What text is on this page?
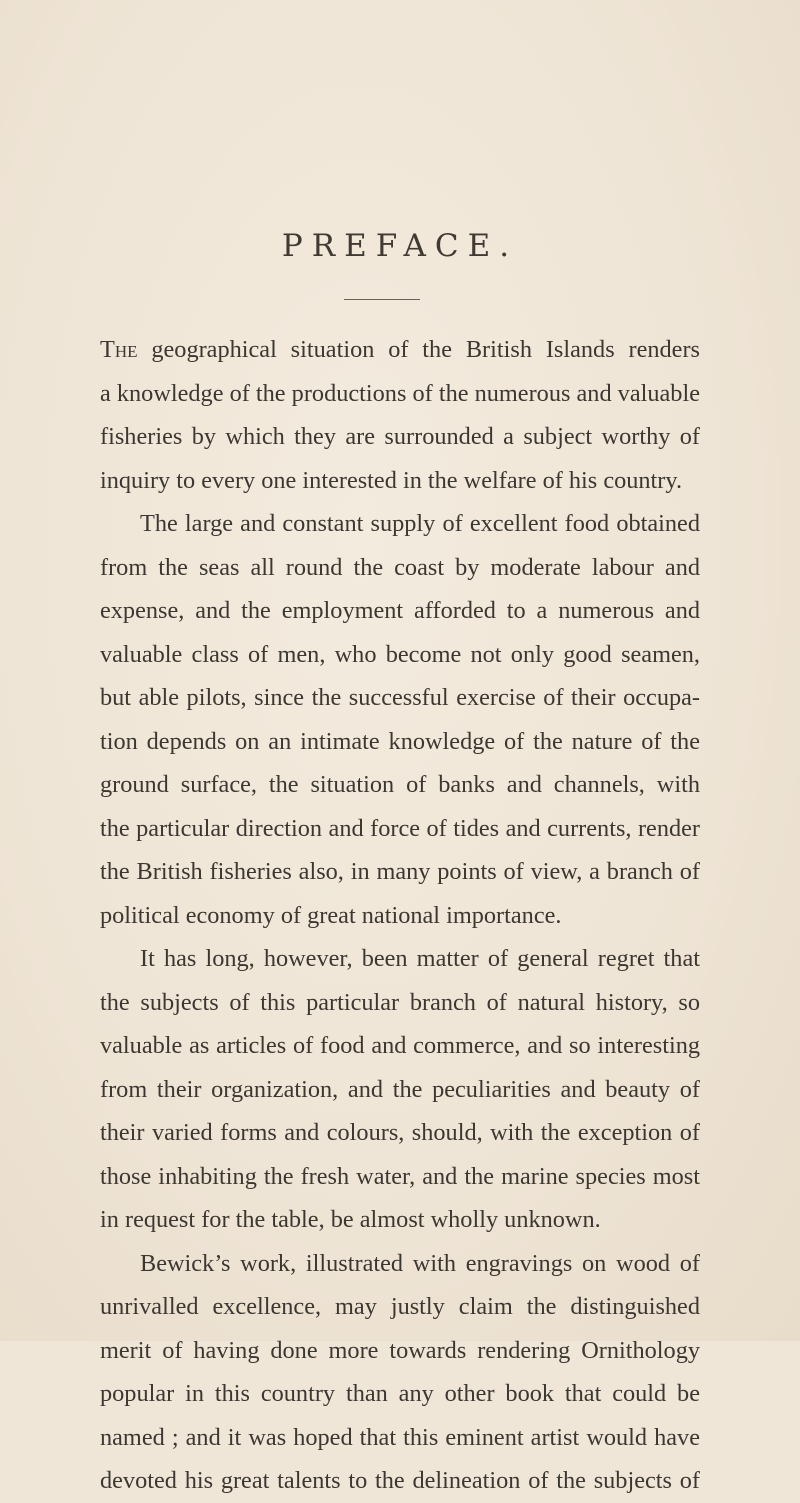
PREFACE.
The geographical situation of the British Islands renders
a knowledge of the productions of the numerous and valuable
fisheries by which they are surrounded a subject worthy of
inquiry to every one interested in the welfare of his country.
The large and constant supply of excellent food obtained
from the seas all round the coast by moderate labour and
expense, and the employment afforded to a numerous and
valuable class of men, who become not only good seamen,
but able pilots, since the successful exercise of their occupa-
tion depends on an intimate knowledge of the nature of the
ground surface, the situation of banks and channels, with
the particular direction and force of tides and currents, render
the British fisheries also, in many points of view, a branch of
political economy of great national importance.
It has long, however, been matter of general regret that
the subjects of this particular branch of natural history, so
valuable as articles of food and commerce, and so interesting
from their organization, and the peculiarities and beauty of
their varied forms and colours, should, with the exception of
those inhabiting the fresh water, and the marine species most
in request for the table, be almost wholly unknown.
Bewick’s work, illustrated with engravings on wood of
unrivalled excellence, may justly claim the distinguished
merit of having done more towards rendering Ornithology
popular in this country than any other book that could be
named ; and it was hoped that this eminent artist would have
devoted his great talents to the delineation of the subjects of
